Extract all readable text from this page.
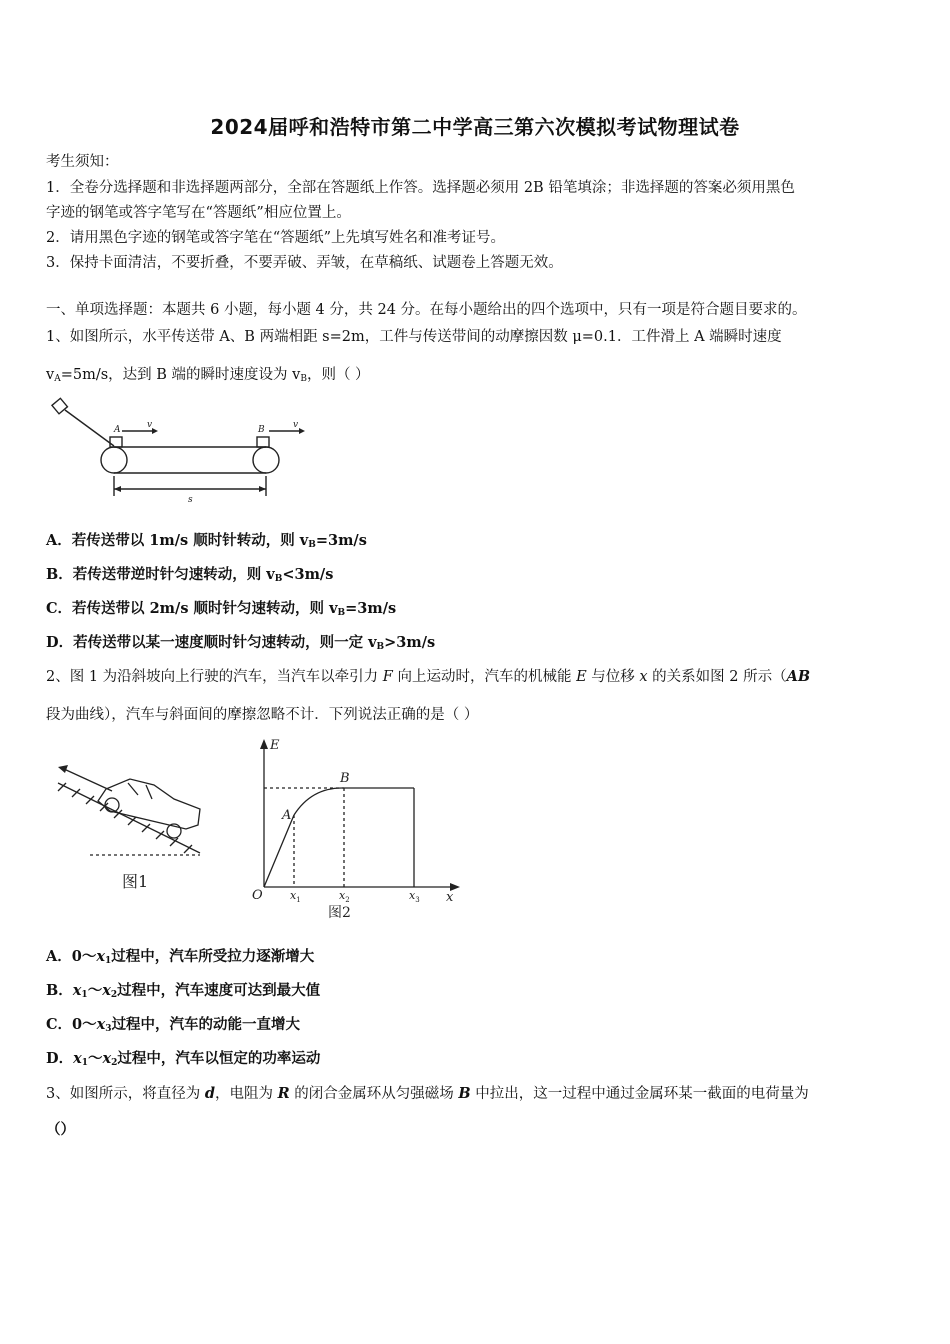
2024届呼和浩特市第二中学高三第六次模拟考试物理试卷
考生须知：
1．全卷分选择题和非选择题两部分，全部在答题纸上作答。选择题必须用 2B 铅笔填涂；非选择题的答案必须用黑色
字迹的钢笔或答字笔写在“答题纸”相应位置上。
2．请用黑色字迹的钢笔或答字笔在“答题纸”上先填写姓名和准考证号。
3．保持卡面清洁，不要折叠，不要弄破、弄皱，在草稿纸、试题卷上答题无效。
一、单项选择题：本题共 6 小题，每小题 4 分，共 24 分。在每小题给出的四个选项中，只有一项是符合题目要求的。
1、如图所示，水平传送带 A、B 两端相距 s=2m，工件与传送带间的动摩擦因数 μ=0.1．工件滑上 A 端瞬时速度
$v_A=5m/s$，达到 B 端的瞬时速度设为 $v_B$，则（ ）
A	B
v	v
s
A．若传送带以 1m/s 顺时针转动，则 $v_B=3m/s$
B．若传送带逆时针匀速转动，则 $v_B<3m/s$
C．若传送带以 2m/s 顺时针匀速转动，则 $v_B=3m/s$
D．若传送带以某一速度顺时针匀速转动，则一定 $v_B>3m/s$
2、图 1 为沿斜坡向上行驶的汽车，当汽车以牵引力 F 向上运动时，汽车的机械能 E 与位移 x 的关系如图 2 所示（AB
段为曲线），汽车与斜面间的摩擦忽略不计．下列说法正确的是（ ）
图1
E
O
A
B
x
$x_1$	$x_2$	$x_3$
图2
A．$0\sim x_1$过程中，汽车所受拉力逐渐增大
B．$x_1\sim x_2$过程中，汽车速度可达到最大值
C．$0\sim x_3$过程中，汽车的动能一直增大
D．$x_1\sim x_2$过程中，汽车以恒定的功率运动
3、如图所示，将直径为 d，电阻为 R 的闭合金属环从匀强磁场 B 中拉出，这一过程中通过金属环某一截面的电荷量为
（）
